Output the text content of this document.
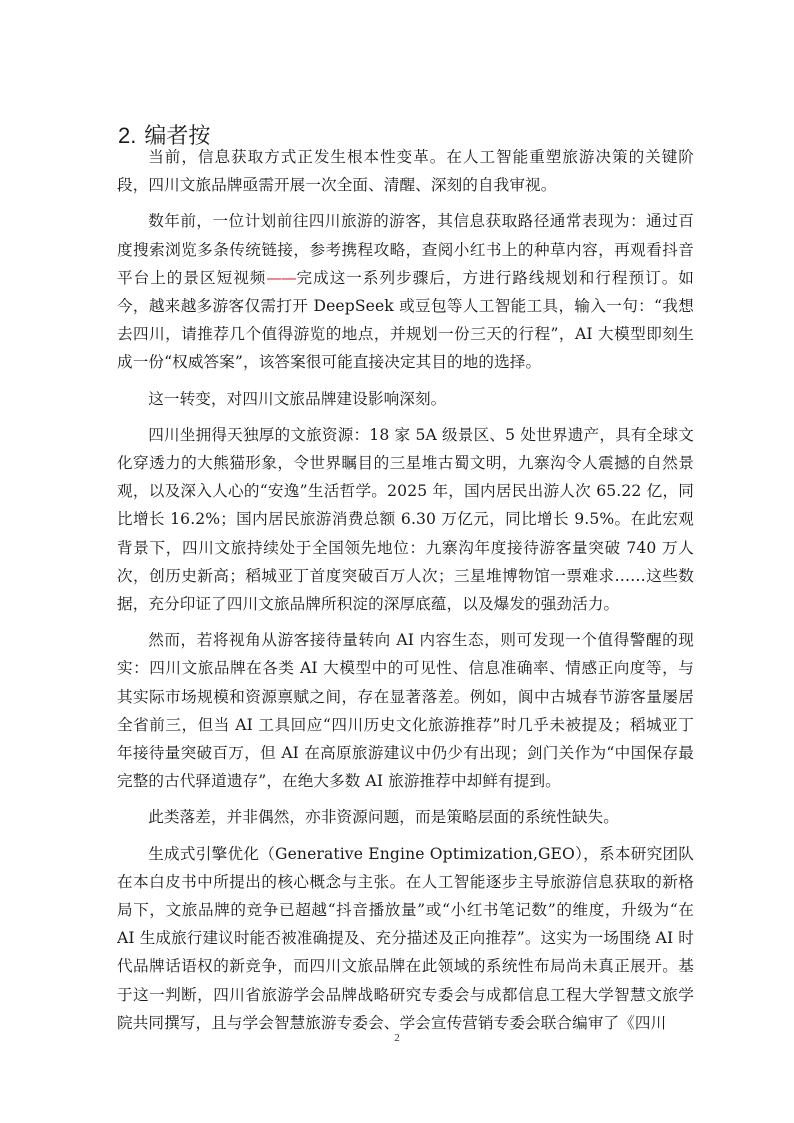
2. 编者按

当前，信息获取方式正发生根本性变革。在人工智能重塑旅游决策的关键阶段，四川文旅品牌亟需开展一次全面、清醒、深刻的自我审视。

数年前，一位计划前往四川旅游的游客，其信息获取路径通常表现为：通过百度搜索浏览多条传统链接，参考携程攻略，查阅小红书上的种草内容，再观看抖音平台上的景区短视频——完成这一系列步骤后，方进行路线规划和行程预订。如今，越来越多游客仅需打开 DeepSeek 或豆包等人工智能工具，输入一句：“我想去四川，请推荐几个值得游览的地点，并规划一份三天的行程”，AI 大模型即刻生成一份“权威答案”，该答案很可能直接决定其目的地的选择。

这一转变，对四川文旅品牌建设影响深刻。

四川坐拥得天独厚的文旅资源：18 家 5A 级景区、5 处世界遗产，具有全球文化穿透力的大熊猫形象，令世界瞩目的三星堆古蜀文明，九寨沟令人震撼的自然景观，以及深入人心的“安逸”生活哲学。2025 年，国内居民出游人次 65.22 亿，同比增长 16.2%；国内居民旅游消费总额 6.30 万亿元，同比增长 9.5%。在此宏观背景下，四川文旅持续处于全国领先地位：九寨沟年度接待游客量突破 740 万人次，创历史新高；稻城亚丁首度突破百万人次；三星堆博物馆一票难求……这些数据，充分印证了四川文旅品牌所积淀的深厚底蕴，以及爆发的强劲活力。

然而，若将视角从游客接待量转向 AI 内容生态，则可发现一个值得警醒的现实：四川文旅品牌在各类 AI 大模型中的可见性、信息准确率、情感正向度等，与其实际市场规模和资源禀赋之间，存在显著落差。例如，阆中古城春节游客量屡居全省前三，但当 AI 工具回应“四川历史文化旅游推荐”时几乎未被提及；稻城亚丁年接待量突破百万，但 AI 在高原旅游建议中仍少有出现；剑门关作为“中国保存最完整的古代驿道遗存”，在绝大多数 AI 旅游推荐中却鲜有提到。

此类落差，并非偶然，亦非资源问题，而是策略层面的系统性缺失。

生成式引擎优化（Generative Engine Optimization,GEO），系本研究团队在本白皮书中所提出的核心概念与主张。在人工智能逐步主导旅游信息获取的新格局下，文旅品牌的竞争已超越“抖音播放量”或“小红书笔记数”的维度，升级为“在 AI 生成旅行建议时能否被准确提及、充分描述及正向推荐”。这实为一场围绕 AI 时代品牌话语权的新竞争，而四川文旅品牌在此领域的系统性布局尚未真正展开。基于这一判断，四川省旅游学会品牌战略研究专委会与成都信息工程大学智慧文旅学院共同撰写，且与学会智慧旅游专委会、学会宣传营销专委会联合编审了《四川

2
